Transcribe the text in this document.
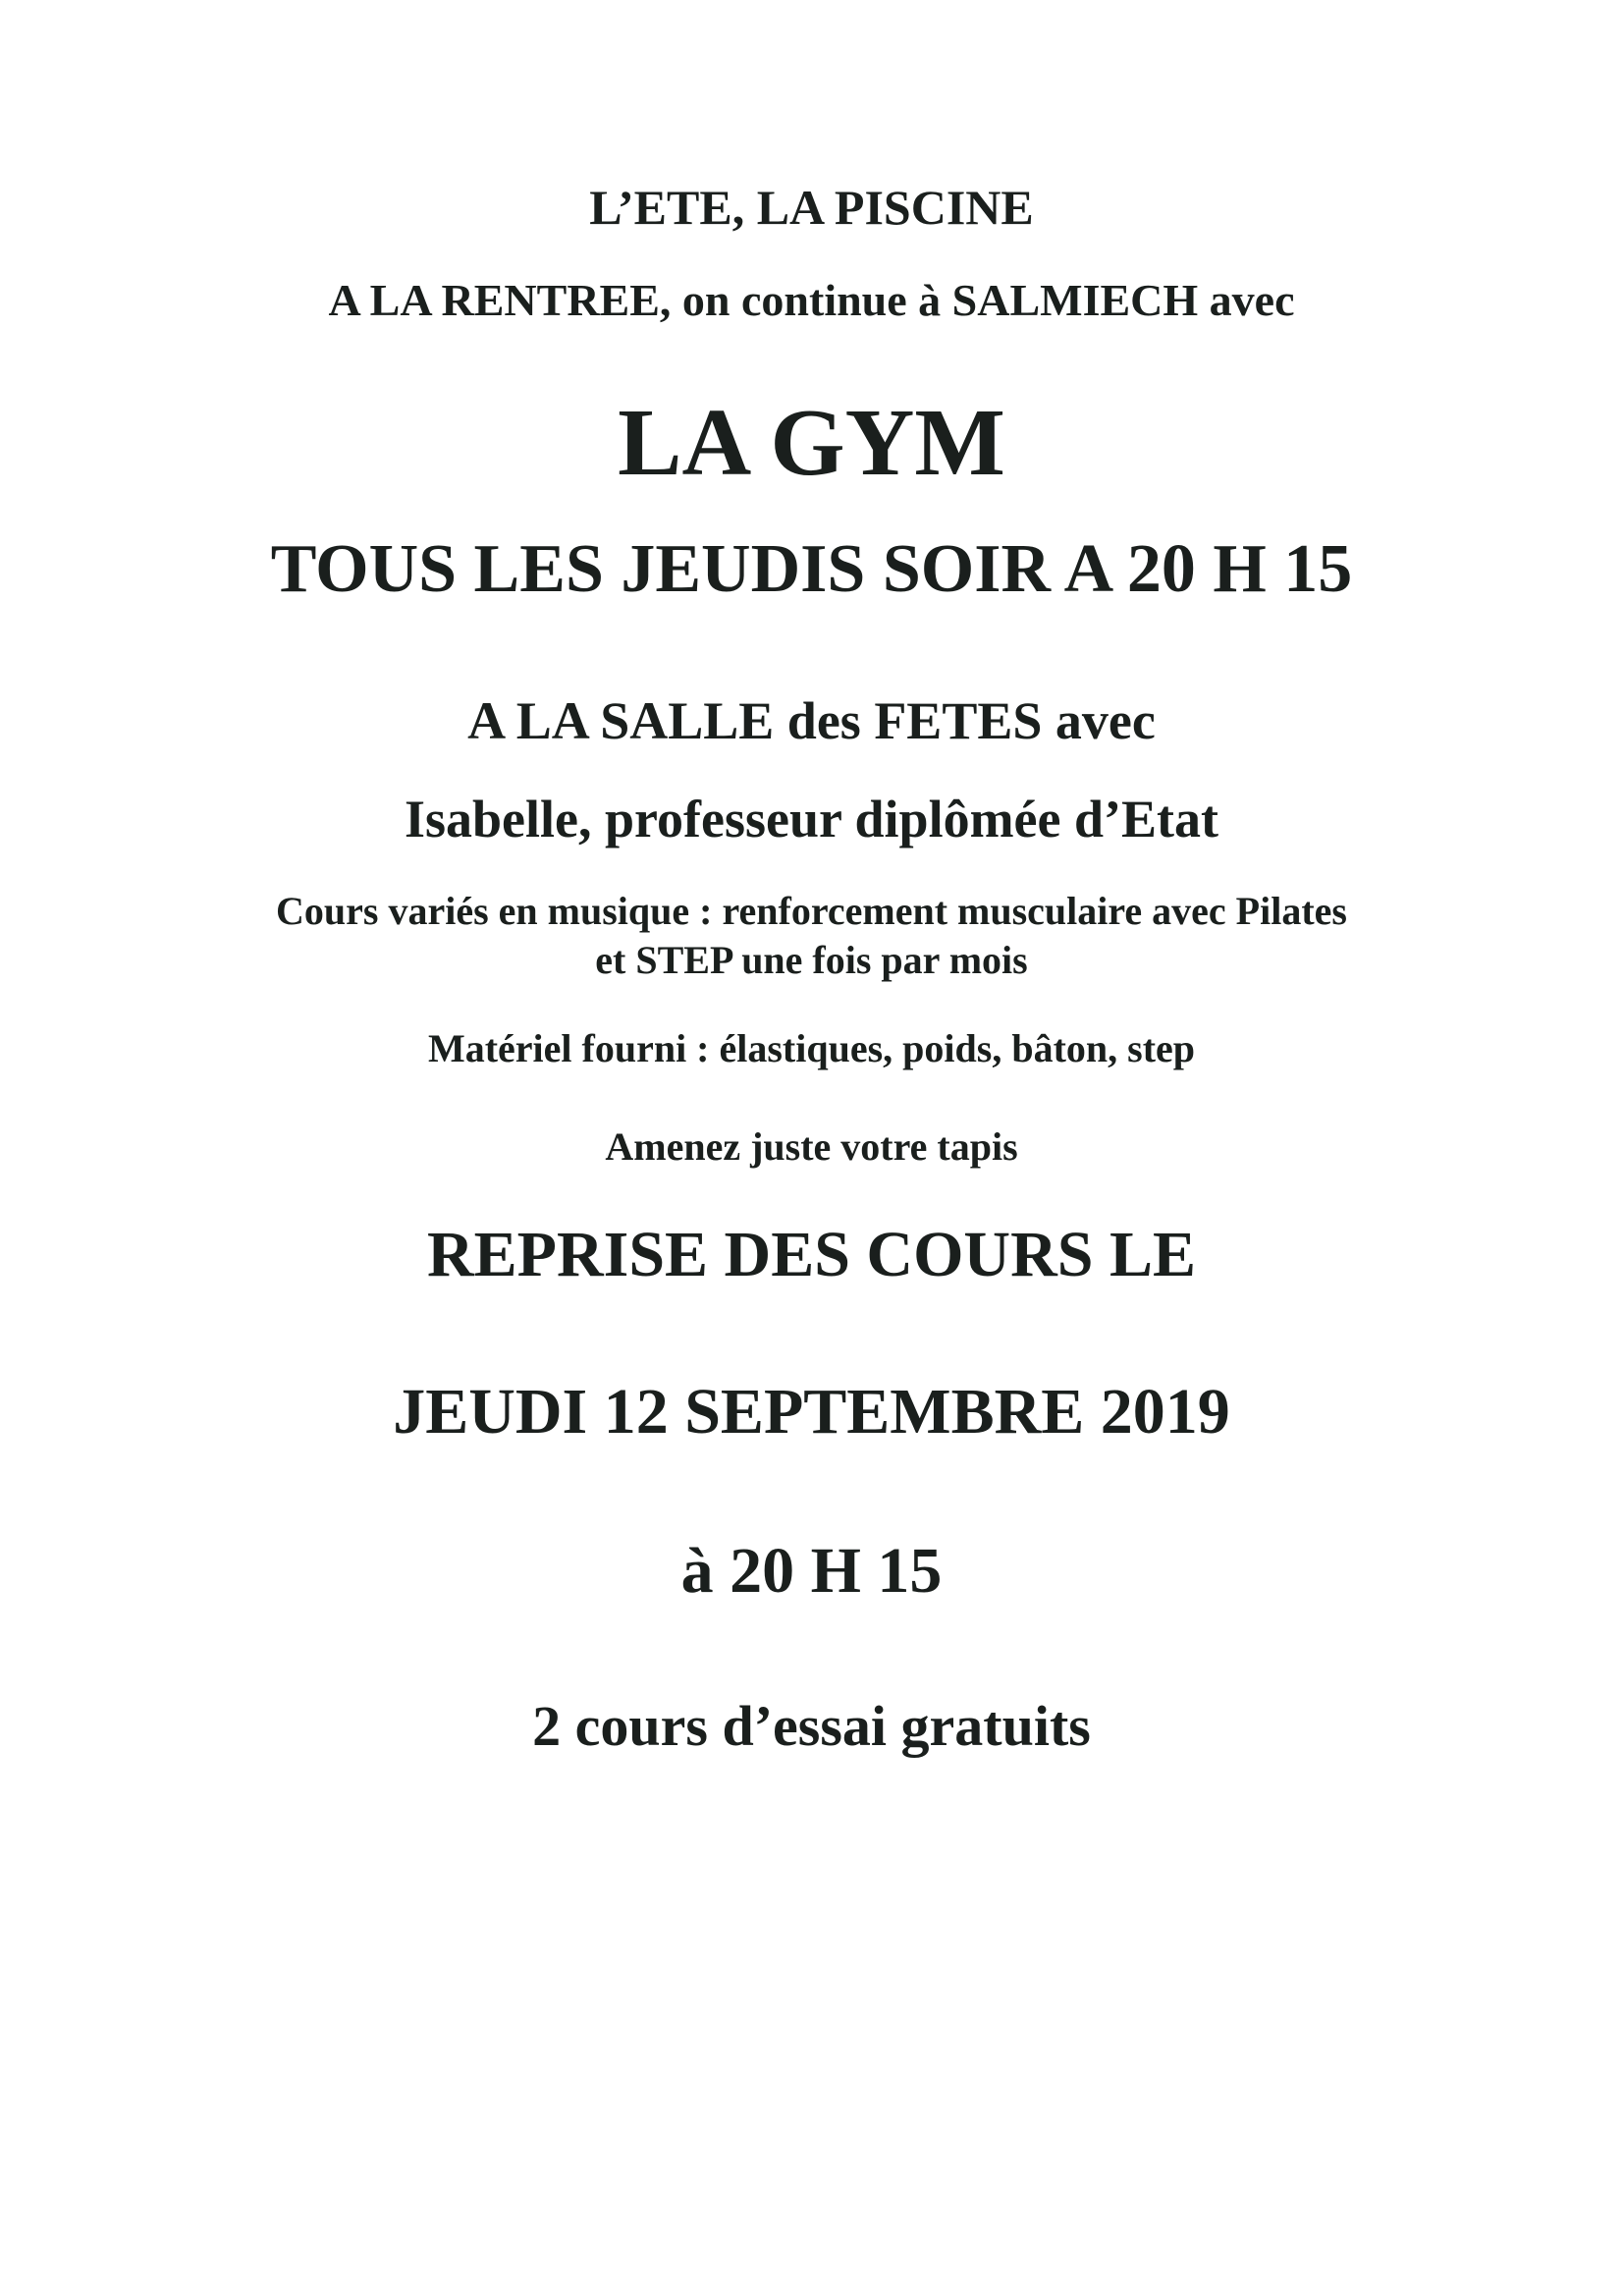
L’ETE, LA PISCINE

A LA RENTREE, on continue à SALMIECH avec

LA GYM

TOUS LES JEUDIS SOIR A 20 H 15

A LA SALLE des FETES avec

Isabelle, professeur diplômée d’Etat

Cours variés en musique : renforcement musculaire avec Pilates

et STEP une fois par mois

Matériel fourni : élastiques, poids, bâton, step

Amenez juste votre tapis

REPRISE DES COURS LE

JEUDI 12 SEPTEMBRE 2019

à 20 H 15

2 cours d’essai gratuits
